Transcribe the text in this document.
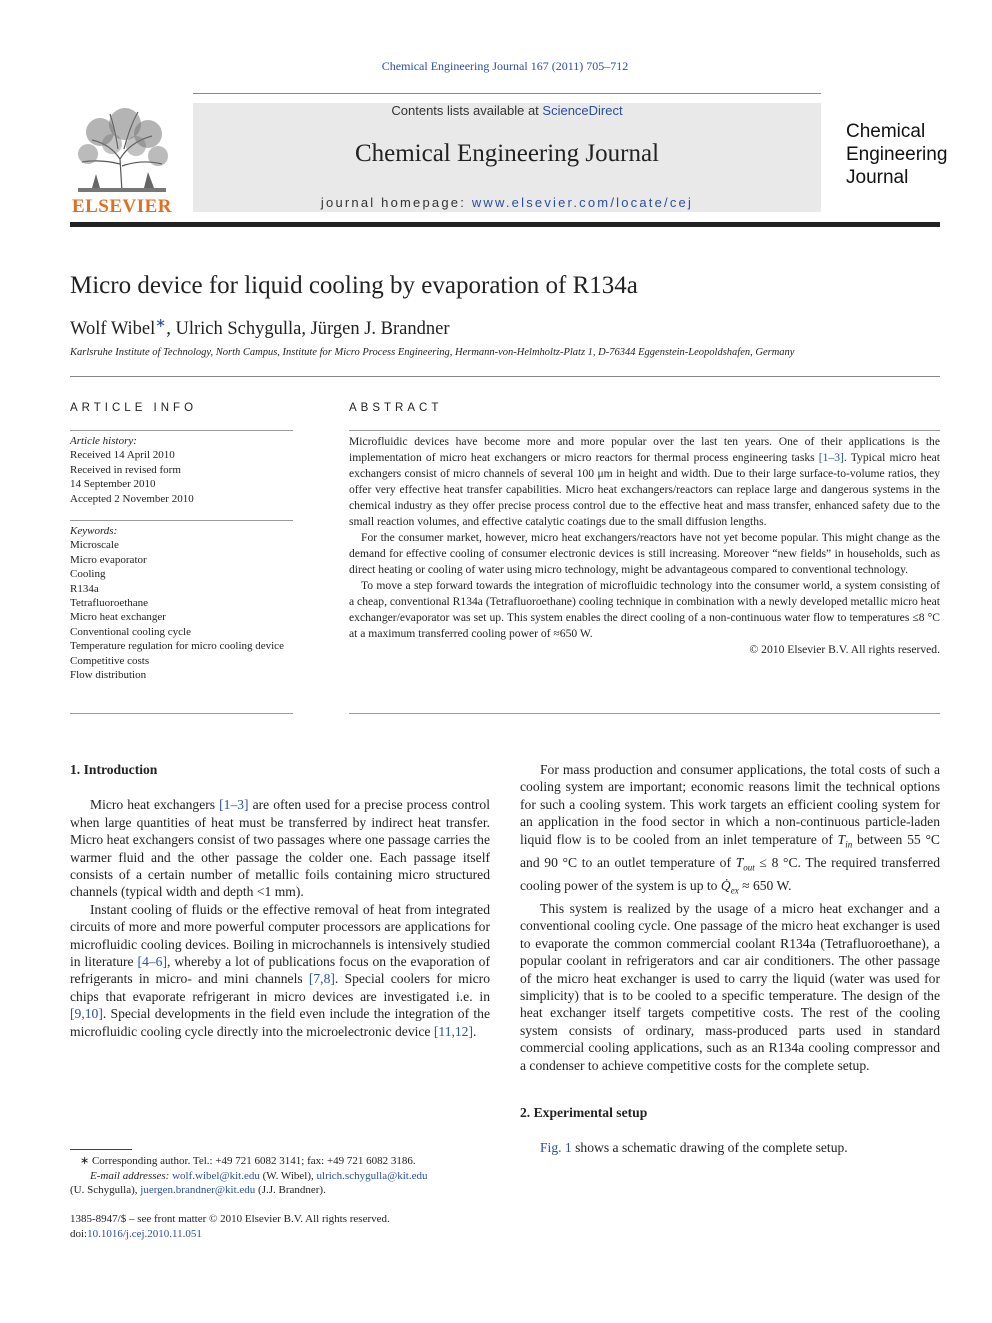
Chemical Engineering Journal 167 (2011) 705–712
ELSEVIER
Contents lists available at ScienceDirect
Chemical Engineering Journal
journal homepage: www.elsevier.com/locate/cej
Chemical
Engineering
Journal
Micro device for liquid cooling by evaporation of R134a
Wolf Wibel∗, Ulrich Schygulla, Jürgen J. Brandner
Karlsruhe Institute of Technology, North Campus, Institute for Micro Process Engineering, Hermann-von-Helmholtz-Platz 1, D-76344 Eggenstein-Leopoldshafen, Germany
ARTICLE INFO	ABSTRACT
Article history:
Received 14 April 2010
Received in revised form
14 September 2010
Accepted 2 November 2010
Keywords:
Microscale
Micro evaporator
Cooling
R134a
Tetrafluoroethane
Micro heat exchanger
Conventional cooling cycle
Temperature regulation for micro cooling device
Competitive costs
Flow distribution

Microfluidic devices have become more and more popular over the last ten years. One of their applications is the implementation of micro heat exchangers or micro reactors for thermal process engineering tasks [1–3]. Typical micro heat exchangers consist of micro channels of several 100 μm in height and width. Due to their large surface-to-volume ratios, they offer very effective heat transfer capabilities. Micro heat exchangers/reactors can replace large and dangerous systems in the chemical industry as they offer precise process control due to the effective heat and mass transfer, enhanced safety due to the small reaction volumes, and effective catalytic coatings due to the small diffusion lengths.

For the consumer market, however, micro heat exchangers/reactors have not yet become popular. This might change as the demand for effective cooling of consumer electronic devices is still increasing. Moreover “new fields” in households, such as direct heating or cooling of water using micro technology, might be advantageous compared to conventional technology.

To move a step forward towards the integration of microfluidic technology into the consumer world, a system consisting of a cheap, conventional R134a (Tetrafluoroethane) cooling technique in combination with a newly developed metallic micro heat exchanger/evaporator was set up. This system enables the direct cooling of a non-continuous water flow to temperatures ≤8 °C at a maximum transferred cooling power of ≈650 W.

© 2010 Elsevier B.V. All rights reserved.

1. Introduction

Micro heat exchangers [1–3] are often used for a precise process control when large quantities of heat must be transferred by indirect heat transfer. Micro heat exchangers consist of two passages where one passage carries the warmer fluid and the other passage the colder one. Each passage itself consists of a certain number of metallic foils containing micro structured channels (typical width and depth <1 mm).

Instant cooling of fluids or the effective removal of heat from integrated circuits of more and more powerful computer processors are applications for microfluidic cooling devices. Boiling in microchannels is intensively studied in literature [4–6], whereby a lot of publications focus on the evaporation of refrigerants in micro- and mini channels [7,8]. Special coolers for micro chips that evaporate refrigerant in micro devices are investigated i.e. in [9,10]. Special developments in the field even include the integration of the microfluidic cooling cycle directly into the microelectronic device [11,12].

For mass production and consumer applications, the total costs of such a cooling system are important; economic reasons limit the technical options for such a cooling system. This work targets an efficient cooling system for an application in the food sector in which a non-continuous particle-laden liquid flow is to be cooled from an inlet temperature of $T_{in}$ between 55 °C and 90 °C to an outlet temperature of $T_{out} \le 8$ °C. The required transferred cooling power of the system is up to $Q̇_{ex} \approx 650$ W.

This system is realized by the usage of a micro heat exchanger and a conventional cooling cycle. One passage of the micro heat exchanger is used to evaporate the common commercial coolant R134a (Tetrafluoroethane), a popular coolant in refrigerators and car air conditioners. The other passage of the micro heat exchanger is used to carry the liquid (water was used for simplicity) that is to be cooled to a specific temperature. The design of the heat exchanger itself targets competitive costs. The rest of the cooling system consists of ordinary, mass-produced parts used in standard commercial cooling applications, such as an R134a cooling compressor and a condenser to achieve competitive costs for the complete setup.

2. Experimental setup

Fig. 1 shows a schematic drawing of the complete setup.

∗ Corresponding author. Tel.: +49 721 6082 3141; fax: +49 721 6082 3186.
E-mail addresses: wolf.wibel@kit.edu (W. Wibel), ulrich.schygulla@kit.edu
(U. Schygulla), juergen.brandner@kit.edu (J.J. Brandner).
1385-8947/$ – see front matter © 2010 Elsevier B.V. All rights reserved.
doi:10.1016/j.cej.2010.11.051
